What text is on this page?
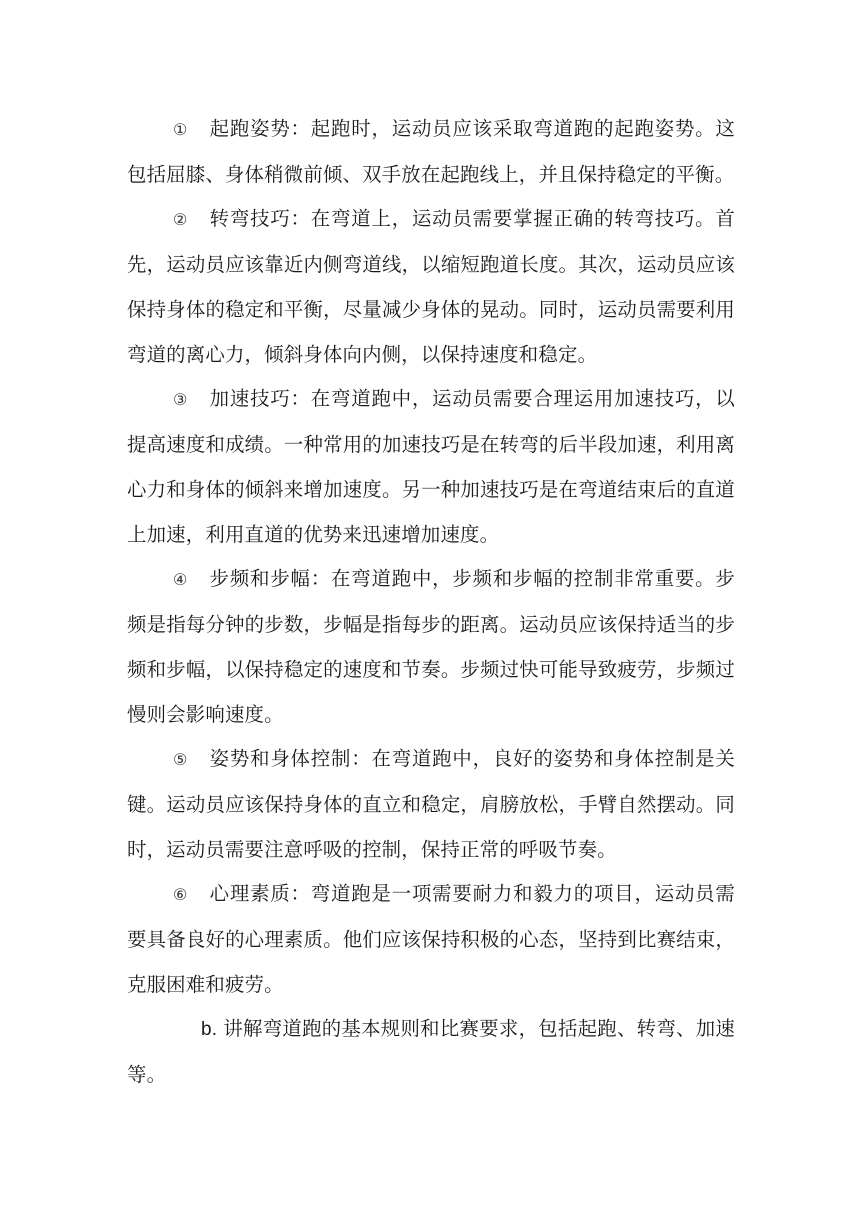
① 起跑姿势：起跑时，运动员应该采取弯道跑的起跑姿势。这包括屈膝、身体稍微前倾、双手放在起跑线上，并且保持稳定的平衡。

② 转弯技巧：在弯道上，运动员需要掌握正确的转弯技巧。首先，运动员应该靠近内侧弯道线，以缩短跑道长度。其次，运动员应该保持身体的稳定和平衡，尽量减少身体的晃动。同时，运动员需要利用弯道的离心力，倾斜身体向内侧，以保持速度和稳定。

③ 加速技巧：在弯道跑中，运动员需要合理运用加速技巧，以提高速度和成绩。一种常用的加速技巧是在转弯的后半段加速，利用离心力和身体的倾斜来增加速度。另一种加速技巧是在弯道结束后的直道上加速，利用直道的优势来迅速增加速度。

④ 步频和步幅：在弯道跑中，步频和步幅的控制非常重要。步频是指每分钟的步数，步幅是指每步的距离。运动员应该保持适当的步频和步幅，以保持稳定的速度和节奏。步频过快可能导致疲劳，步频过慢则会影响速度。

⑤ 姿势和身体控制：在弯道跑中，良好的姿势和身体控制是关键。运动员应该保持身体的直立和稳定，肩膀放松，手臂自然摆动。同时，运动员需要注意呼吸的控制，保持正常的呼吸节奏。

⑥ 心理素质：弯道跑是一项需要耐力和毅力的项目，运动员需要具备良好的心理素质。他们应该保持积极的心态，坚持到比赛结束，克服困难和疲劳。

b. 讲解弯道跑的基本规则和比赛要求，包括起跑、转弯、加速等。
